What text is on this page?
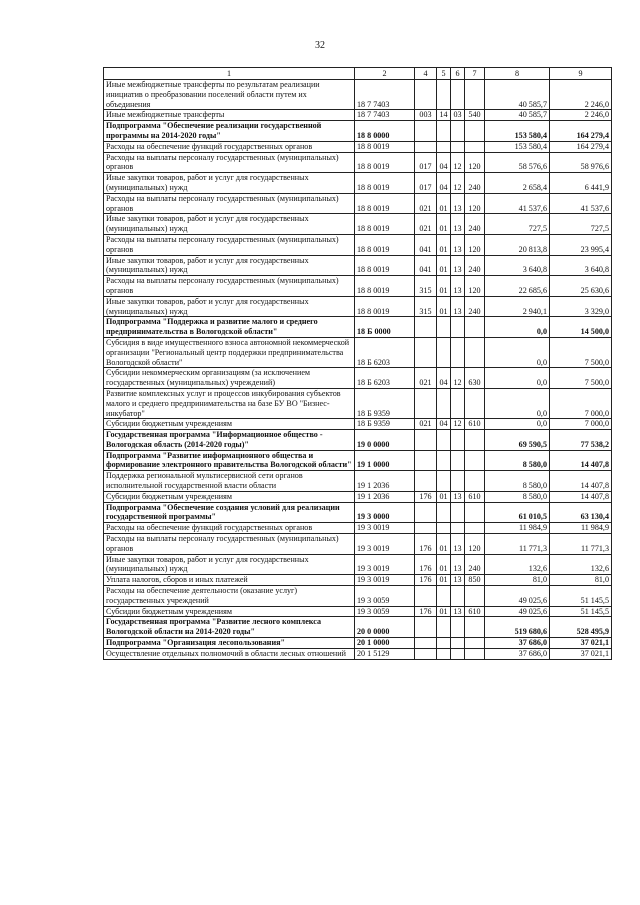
32
1	2	4	5	6	7	8	9
Иные межбюджетные трансферты по результатам реализации инициатив о преобразовании поселений области путем их объединения	18 7 7403					40 585,7	2 246,0
Иные межбюджетные трансферты	18 7 7403	003	14	03	540	40 585,7	2 246,0
Подпрограмма "Обеспечение реализации государственной программы на 2014-2020 годы"	18 8 0000					153 580,4	164 279,4
Расходы на обеспечение функций государственных органов	18 8 0019					153 580,4	164 279,4
Расходы на выплаты персоналу государственных (муниципальных) органов	18 8 0019	017	04	12	120	58 576,6	58 976,6
Иные закупки товаров, работ и услуг для государственных (муниципальных) нужд	18 8 0019	017	04	12	240	2 658,4	6 441,9
Расходы на выплаты персоналу государственных (муниципальных) органов	18 8 0019	021	01	13	120	41 537,6	41 537,6
Иные закупки товаров, работ и услуг для государственных (муниципальных) нужд	18 8 0019	021	01	13	240	727,5	727,5
Расходы на выплаты персоналу государственных (муниципальных) органов	18 8 0019	041	01	13	120	20 813,8	23 995,4
Иные закупки товаров, работ и услуг для государственных (муниципальных) нужд	18 8 0019	041	01	13	240	3 640,8	3 640,8
Расходы на выплаты персоналу государственных (муниципальных) органов	18 8 0019	315	01	13	120	22 685,6	25 630,6
Иные закупки товаров, работ и услуг для государственных (муниципальных) нужд	18 8 0019	315	01	13	240	2 940,1	3 329,0
Подпрограмма "Поддержка и развитие малого и среднего предпринимательства в Вологодской области"	18 Б 0000					0,0	14 500,0
Субсидия в виде имущественного взноса автономной некоммерческой организации "Региональный центр поддержки предпринимательства Вологодской области"	18 Б 6203					0,0	7 500,0
Субсидии некоммерческим организациям (за исключением государственных (муниципальных) учреждений)	18 Б 6203	021	04	12	630	0,0	7 500,0
Развитие комплексных услуг и процессов инкубирования субъектов малого и среднего предпринимательства на базе БУ ВО "Бизнес-инкубатор"	18 Б 9359					0,0	7 000,0
Субсидии бюджетным учреждениям	18 Б 9359	021	04	12	610	0,0	7 000,0
Государственная программа "Информационное общество - Вологодская область (2014-2020 годы)"	19 0 0000					69 590,5	77 538,2
Подпрограмма "Развитие информационного общества и формирование электронного правительства Вологодской области"	19 1 0000					8 580,0	14 407,8
Поддержка региональной мультисервисной сети органов исполнительной государственной власти области	19 1 2036					8 580,0	14 407,8
Субсидии бюджетным учреждениям	19 1 2036	176	01	13	610	8 580,0	14 407,8
Подпрограмма "Обеспечение создания условий для реализации государственной программы"	19 3 0000					61 010,5	63 130,4
Расходы на обеспечение функций государственных органов	19 3 0019					11 984,9	11 984,9
Расходы на выплаты персоналу государственных (муниципальных) органов	19 3 0019	176	01	13	120	11 771,3	11 771,3
Иные закупки товаров, работ и услуг для государственных (муниципальных) нужд	19 3 0019	176	01	13	240	132,6	132,6
Уплата налогов, сборов и иных платежей	19 3 0019	176	01	13	850	81,0	81,0
Расходы на обеспечение деятельности (оказание услуг) государственных учреждений	19 3 0059					49 025,6	51 145,5
Субсидии бюджетным учреждениям	19 3 0059	176	01	13	610	49 025,6	51 145,5
Государственная программа "Развитие лесного комплекса Вологодской области на 2014-2020 годы"	20 0 0000					519 680,6	528 495,9
Подпрограмма "Организация лесопользования"	20 1 0000					37 686,0	37 021,1
Осуществление отдельных полномочий в области лесных отношений	20 1 5129					37 686,0	37 021,1
